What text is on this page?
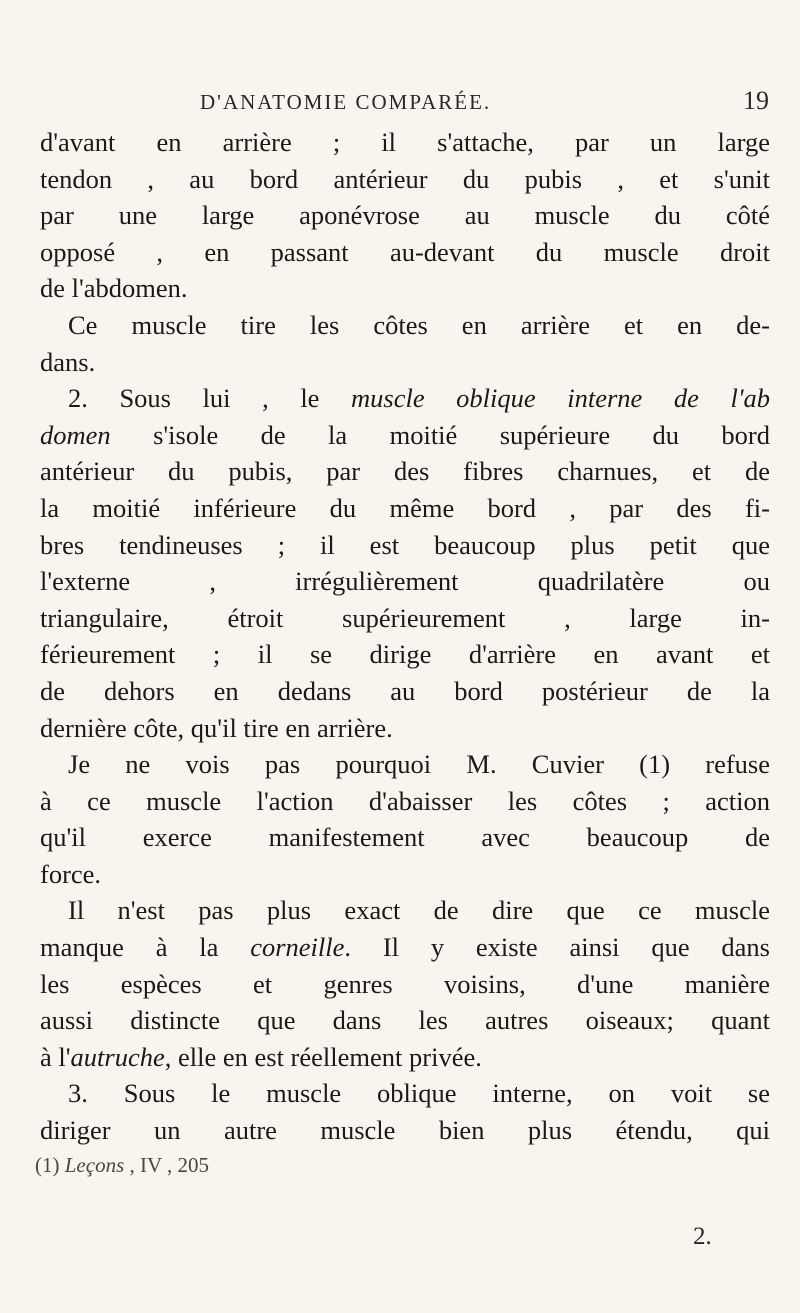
D'ANATOMIE COMPARÉE.	19
d'avant en arrière ; il s'attache, par un large
tendon , au bord antérieur du pubis , et s'unit
par une large aponévrose au muscle du côté
opposé , en passant au-devant du muscle droit
de l'abdomen.
Ce muscle tire les côtes en arrière et en de-
dans.
2. Sous lui , le muscle oblique interne de l'ab
domen s'isole de la moitié supérieure du bord
antérieur du pubis, par des fibres charnues, et de
la moitié inférieure du même bord , par des fi-
bres tendineuses ; il est beaucoup plus petit que
l'externe , irrégulièrement quadrilatère ou
triangulaire, étroit supérieurement , large in-
férieurement ; il se dirige d'arrière en avant et
de dehors en dedans au bord postérieur de la
dernière côte, qu'il tire en arrière.
Je ne vois pas pourquoi M. Cuvier (1) refuse
à ce muscle l'action d'abaisser les côtes ; action
qu'il exerce manifestement avec beaucoup de
force.
Il n'est pas plus exact de dire que ce muscle
manque à la corneille. Il y existe ainsi que dans
les espèces et genres voisins, d'une manière
aussi distincte que dans les autres oiseaux; quant
à l'autruche, elle en est réellement privée.
3. Sous le muscle oblique interne, on voit se
diriger un autre muscle bien plus étendu, qui
(1) Leçons , IV , 205
2.
